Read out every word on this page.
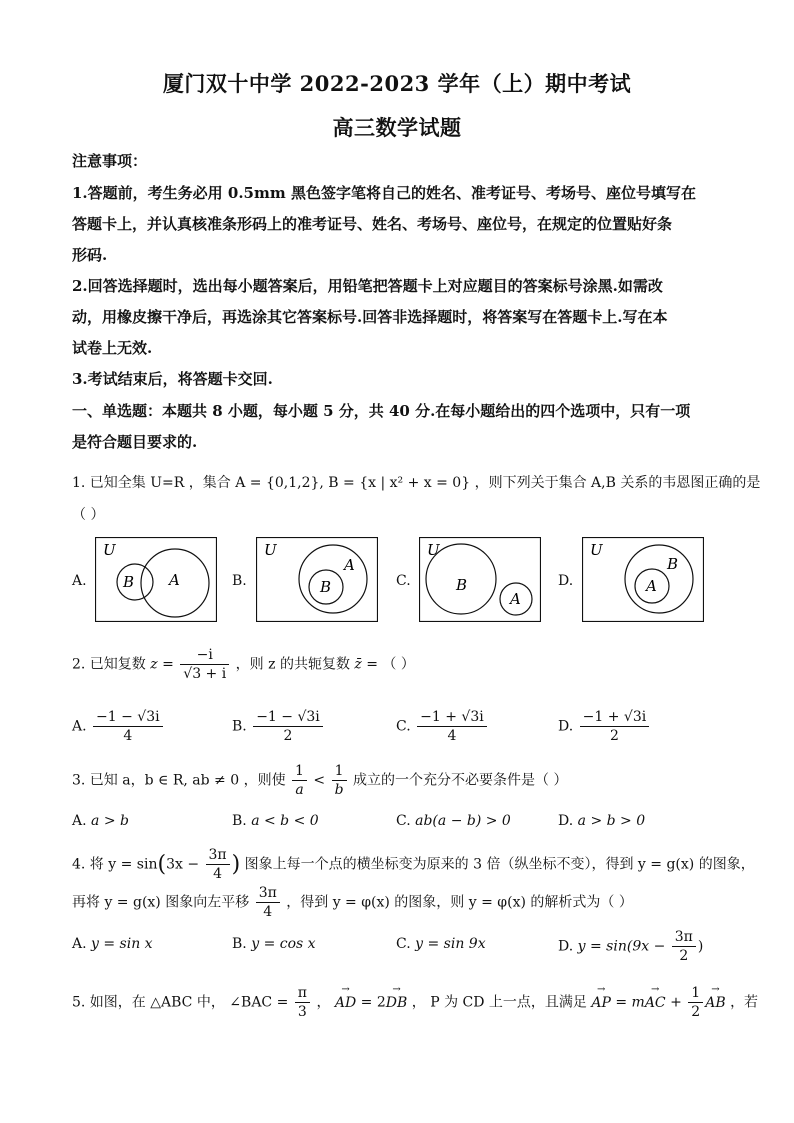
厦门双十中学 2022-2023 学年（上）期中考试
高三数学试题
注意事项：
1.答题前，考生务必用 0.5mm 黑色签字笔将自己的姓名、准考证号、考场号、座位号填写在
答题卡上，并认真核准条形码上的准考证号、姓名、考场号、座位号，在规定的位置贴好条
形码.
2.回答选择题时，选出每小题答案后，用铅笔把答题卡上对应题目的答案标号涂黑.如需改
动，用橡皮擦干净后，再选涂其它答案标号.回答非选择题时，将答案写在答题卡上.写在本
试卷上无效.
3.考试结束后，将答题卡交回.
一、单选题：本题共 8 小题，每小题 5 分，共 40 分.在每小题给出的四个选项中，只有一项
是符合题目要求的.
1. 已知全集 U=R ，集合 A = {0,1,2}, B = {x | x² + x = 0} ，则下列关于集合 A,B 关系的韦恩图正确的是
（ ）
A.
U
A
B	B.
U
A
B	C.
U
B
A
D.
U
B
A
2. 已知复数 $z = \frac{-i}{√3 + i}$ ，则 z 的共轭复数 z̄ = （ ）
A. $\frac{-1 - √3i}{4}$	B. $\frac{-1 - √3i}{2}$	C. $\frac{-1 + √3i}{4}$	D. $\frac{-1 + √3i}{2}$
3. 已知 a，b ∈ R, ab ≠ 0 ，则使 $\frac{1}{a} < \frac{1}{b}$ 成立的一个充分不必要条件是（ ）
A. a > b	B. a < b < 0	C. ab(a − b) > 0	D. a > b > 0
4. 将 $y = \sin(3x - \frac{3\pi}{4}$ ) 图象上每一个点的横坐标变为原来的 3 倍（纵坐标不变），得到 y = g(x) 的图象，
再将 y = g(x) 图象向左平移 $\frac{3\pi}{4}$ ，得到 y = φ(x) 的图象，则 y = φ(x) 的解析式为（ ）
A. y = sin x	B. y = cos x	C. y = sin 9x	D. $y = \sin(9x - \frac{3\pi}{2}$ )
5. 如图，在 △ABC 中， ∠BAC = $\frac{\pi}{3}$ ， → AD = 2→ DB ， P 为 CD 上一点，且满足 → AP = m→ AC + $\frac{1}{2}$ → AB ，若
